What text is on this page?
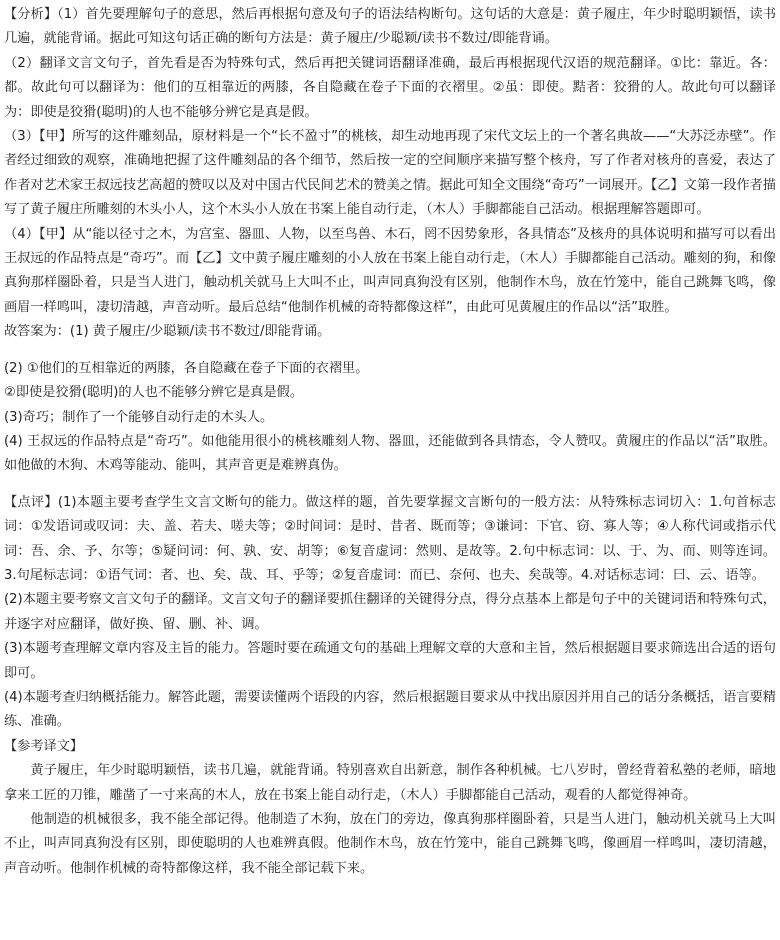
【分析】（1）首先要理解句子的意思，然后再根据句意及句子的语法结构断句。这句话的大意是：黄子履庄，年少时聪明颖悟，读书几遍，就能背诵。据此可知这句话正确的断句方法是：黄子履庄/少聪颖/读书不数过/即能背诵。

（2）翻译文言文句子，首先看是否为特殊句式，然后再把关键词语翻译准确，最后再根据现代汉语的规范翻译。①比：靠近。各：都。故此句可以翻译为：他们的互相靠近的两膝，各自隐藏在卷子下面的衣褶里。②虽：即使。黠者：狡猾的人。故此句可以翻译为：即使是狡猾(聪明)的人也不能够分辨它是真是假。

（3）【甲】所写的这件雕刻品，原材料是一个“长不盈寸”的桃核，却生动地再现了宋代文坛上的一个著名典故——“大苏泛赤壁”。作者经过细致的观察，准确地把握了这件雕刻品的各个细节，然后按一定的空间顺序来描写整个核舟，写了作者对核舟的喜爱，表达了作者对艺术家王叔远技艺高超的赞叹以及对中国古代民间艺术的赞美之情。据此可知全文围绕“奇巧”一词展开。【乙】文第一段作者描写了黄子履庄所雕刻的木头小人，这个木头小人放在书案上能自动行走，（木人）手脚都能自己活动。根据理解答题即可。

（4）【甲】从“能以径寸之木，为宫室、器皿、人物，以至鸟兽、木石，罔不因势象形，各具情态”及核舟的具体说明和描写可以看出王叔远的作品特点是“奇巧”。而【乙】文中黄子履庄雕刻的小人放在书案上能自动行走，（木人）手脚都能自己活动。雕刻的狗，和像真狗那样圈卧着，只是当人进门，触动机关就马上大叫不止，叫声同真狗没有区别，他制作木鸟，放在竹笼中，能自己跳舞飞鸣，像画眉一样鸣叫，凄切清越，声音动听。最后总结“他制作机械的奇特都像这样”，由此可见黄履庄的作品以“活”取胜。

故答案为：(1) 黄子履庄/少聪颖/读书不数过/即能背诵。

(2) ①他们的互相靠近的两膝，各自隐藏在卷子下面的衣褶里。

②即使是狡猾(聪明)的人也不能够分辨它是真是假。

(3)奇巧；制作了一个能够自动行走的木头人。

(4) 王叔远的作品特点是“奇巧”。如他能用很小的桃核雕刻人物、器皿，还能做到各具情态，令人赞叹。黄履庄的作品以“活”取胜。如他做的木狗、木鸡等能动、能叫，其声音更是难辨真伪。

【点评】(1)本题主要考查学生文言文断句的能力。做这样的题，首先要掌握文言断句的一般方法：从特殊标志词切入：1.句首标志词：①发语词或叹词：夫、盖、若夫、嗟夫等；②时间词：是时、昔者、既而等；③谦词：下官、窃、寡人等；④人称代词或指示代词：吾、余、予、尔等；⑤疑问词：何、孰、安、胡等；⑥复音虚词：然则、是故等。2.句中标志词：以、于、为、而、则等连词。3.句尾标志词：①语气词：者、也、矣、哉、耳、乎等；②复音虚词：而已、奈何、也夫、矣哉等。4.对话标志词：曰、云、语等。

(2)本题主要考察文言文句子的翻译。文言文句子的翻译要抓住翻译的关键得分点，得分点基本上都是句子中的关键词语和特殊句式，并逐字对应翻译，做好换、留、删、补、调。

(3)本题考查理解文章内容及主旨的能力。答题时要在疏通文句的基础上理解文章的大意和主旨，然后根据题目要求筛选出合适的语句即可。

(4)本题考查归纳概括能力。解答此题，需要读懂两个语段的内容，然后根据题目要求从中找出原因并用自己的话分条概括，语言要精练、准确。

【参考译文】

黄子履庄，年少时聪明颖悟，读书几遍，就能背诵。特别喜欢自出新意，制作各种机械。七八岁时，曾经背着私塾的老师，暗地拿来工匠的刀锥，雕凿了一寸来高的木人，放在书案上能自动行走，（木人）手脚都能自己活动，观看的人都觉得神奇。

他制造的机械很多，我不能全部记得。他制造了木狗，放在门的旁边，像真狗那样圈卧着，只是当人进门，触动机关就马上大叫不止，叫声同真狗没有区别，即使聪明的人也难辨真假。他制作木鸟，放在竹笼中，能自己跳舞飞鸣，像画眉一样鸣叫，凄切清越，声音动听。他制作机械的奇特都像这样，我不能全部记载下来。
